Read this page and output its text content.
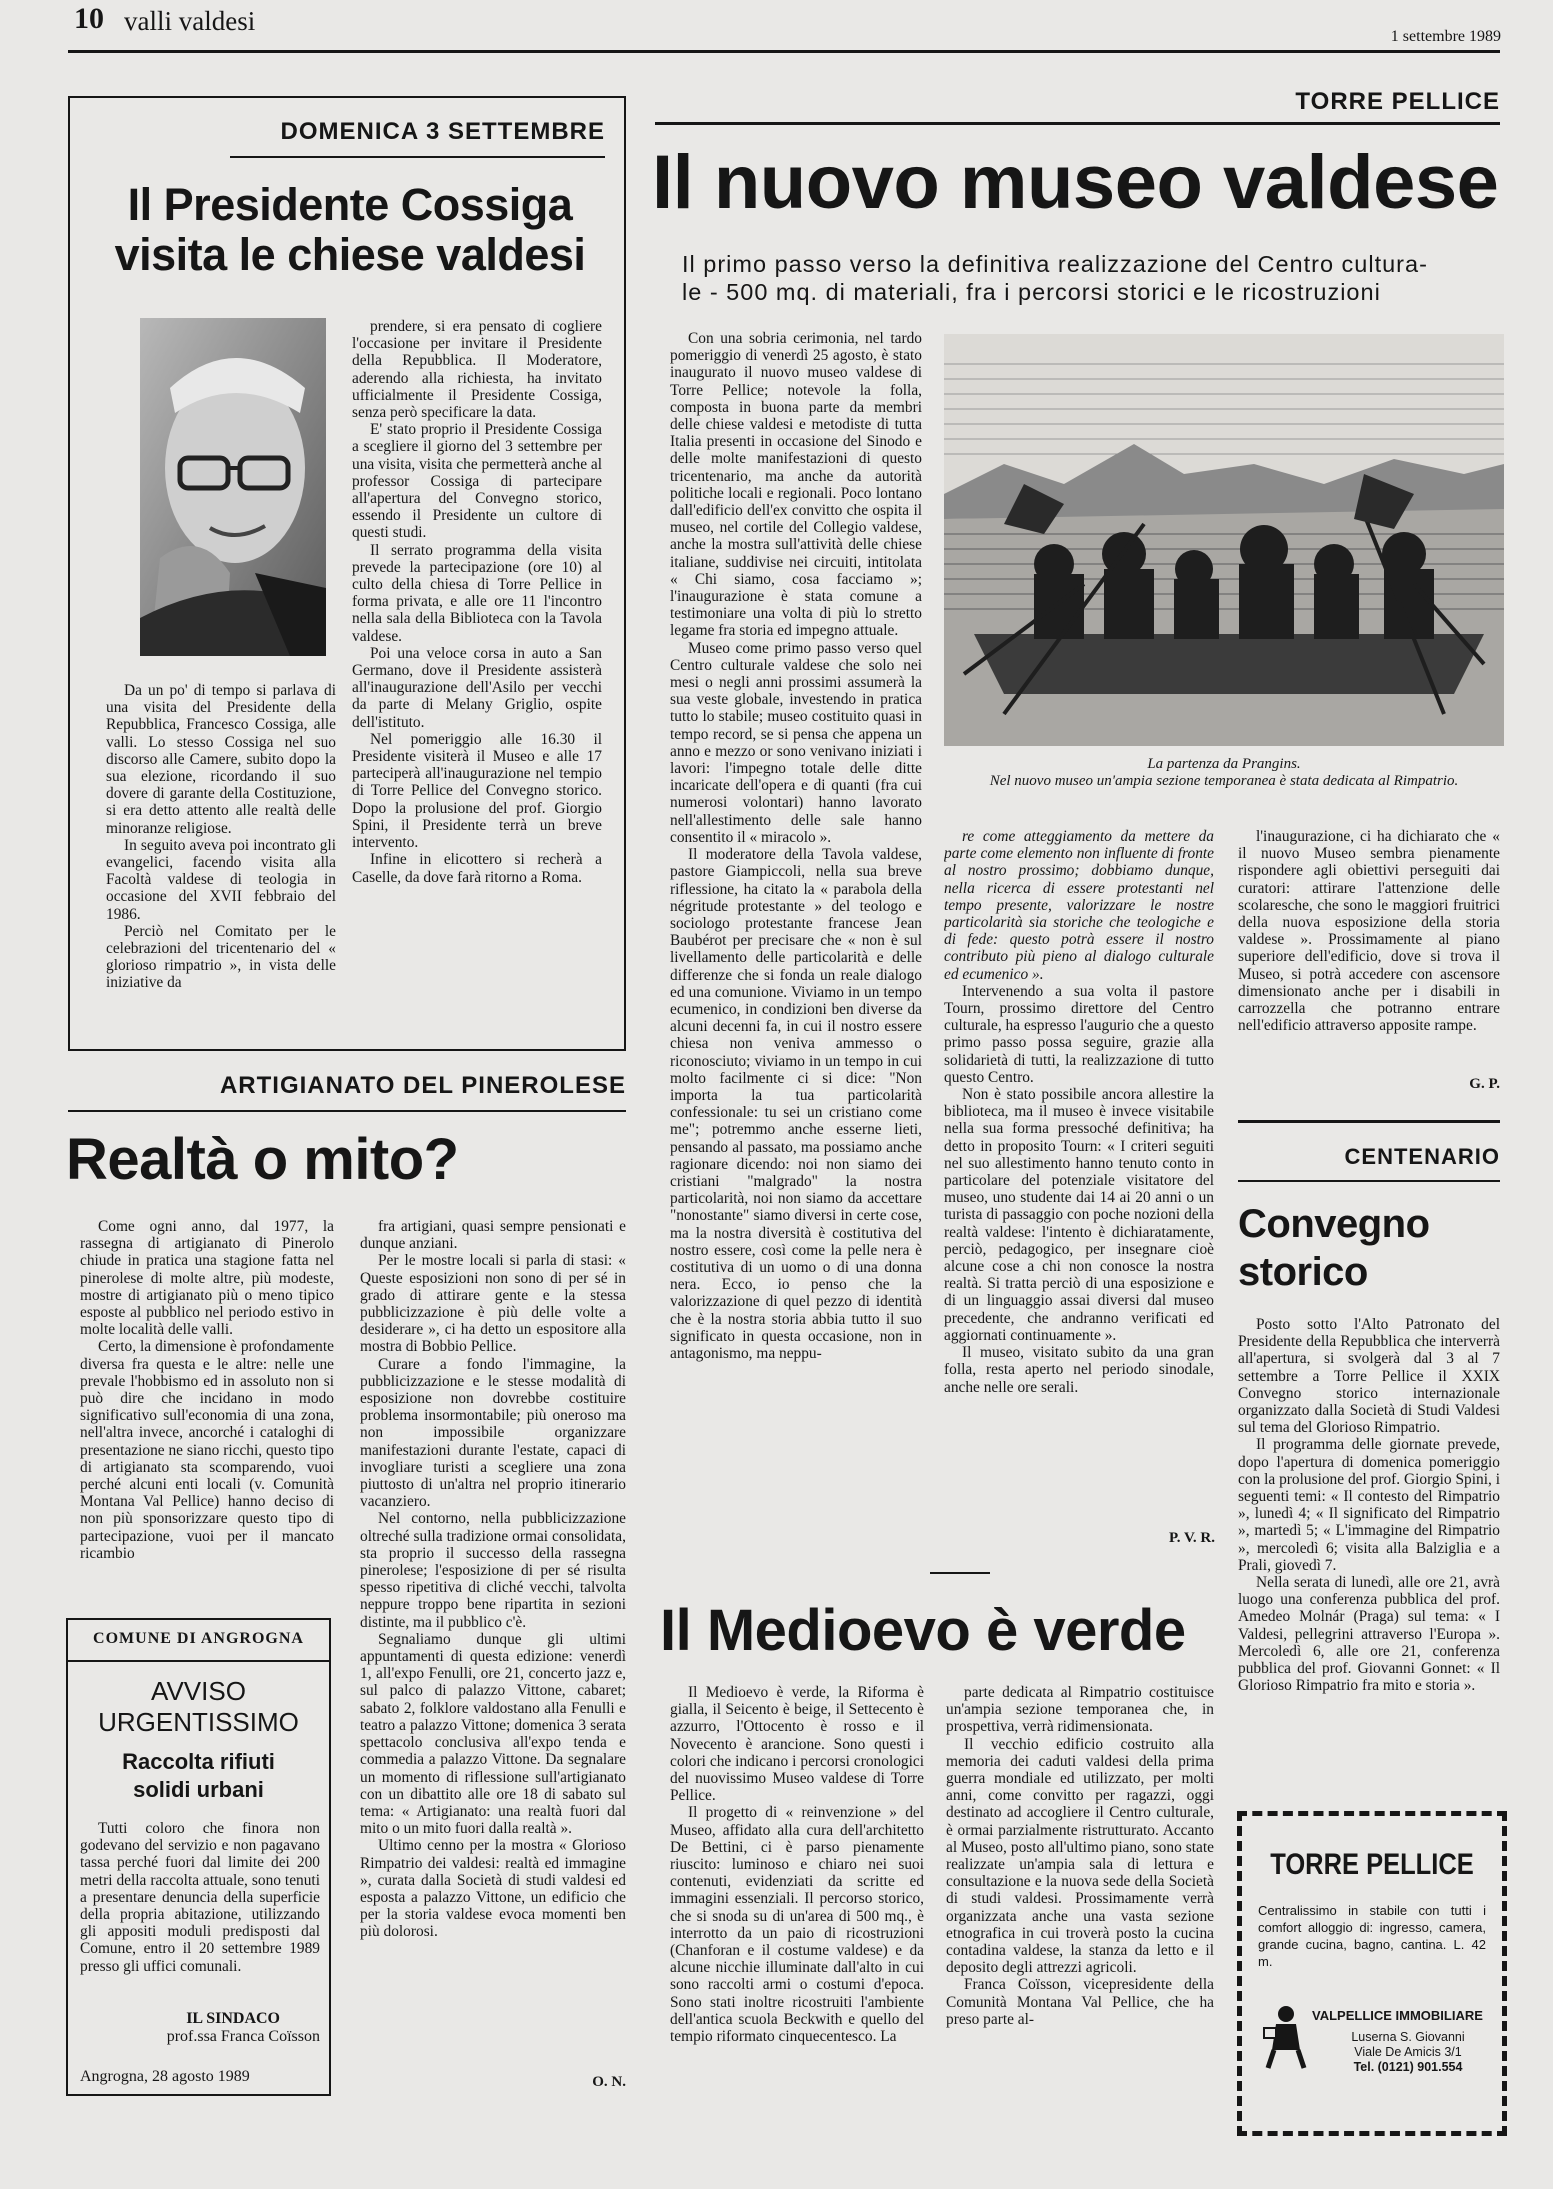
10 valli valdesi
1 settembre 1989
DOMENICA 3 SETTEMBRE
Il Presidente Cossiga
visita le chiese valdesi

Da un po' di tempo si parlava di una visita del Presidente della Repubblica, Francesco Cossiga, alle valli. Lo stesso Cossiga nel suo discorso alle Camere, subito dopo la sua elezione, ricordando il suo dovere di garante della Costituzione, si era detto attento alle realtà delle minoranze religiose.

In seguito aveva poi incontrato gli evangelici, facendo visita alla Facoltà valdese di teologia in occasione del XVII febbraio del 1986.

Perciò nel Comitato per le celebrazioni del tricentenario del « glorioso rimpatrio », in vista delle iniziative da

prendere, si era pensato di cogliere l'occasione per invitare il Presidente della Repubblica. Il Moderatore, aderendo alla richiesta, ha invitato ufficialmente il Presidente Cossiga, senza però specificare la data.

E' stato proprio il Presidente Cossiga a scegliere il giorno del 3 settembre per una visita, visita che permetterà anche al professor Cossiga di partecipare all'apertura del Convegno storico, essendo il Presidente un cultore di questi studi.

Il serrato programma della visita prevede la partecipazione (ore 10) al culto della chiesa di Torre Pellice in forma privata, e alle ore 11 l'incontro nella sala della Biblioteca con la Tavola valdese.

Poi una veloce corsa in auto a San Germano, dove il Presidente assisterà all'inaugurazione dell'Asilo per vecchi da parte di Melany Griglio, ospite dell'istituto.

Nel pomeriggio alle 16.30 il Presidente visiterà il Museo e alle 17 parteciperà all'inaugurazione nel tempio di Torre Pellice del Convegno storico. Dopo la prolusione del prof. Giorgio Spini, il Presidente terrà un breve intervento.

Infine in elicottero si recherà a Caselle, da dove farà ritorno a Roma.

TORRE PELLICE
Il nuovo museo valdese
Il primo passo verso la definitiva realizzazione del Centro cultura-
le - 500 mq. di materiali, fra i percorsi storici e le ricostruzioni
La partenza da Prangins.
Nel nuovo museo un'ampia sezione temporanea è stata dedicata al Rimpatrio.

Con una sobria cerimonia, nel tardo pomeriggio di venerdì 25 agosto, è stato inaugurato il nuovo museo valdese di Torre Pellice; notevole la folla, composta in buona parte da membri delle chiese valdesi e metodiste di tutta Italia presenti in occasione del Sinodo e delle molte manifestazioni di questo tricentenario, ma anche da autorità politiche locali e regionali. Poco lontano dall'edificio dell'ex convitto che ospita il museo, nel cortile del Collegio valdese, anche la mostra sull'attività delle chiese italiane, suddivise nei circuiti, intitolata « Chi siamo, cosa facciamo »; l'inaugurazione è stata comune a testimoniare una volta di più lo stretto legame fra storia ed impegno attuale.

Museo come primo passo verso quel Centro culturale valdese che solo nei mesi o negli anni prossimi assumerà la sua veste globale, investendo in pratica tutto lo stabile; museo costituito quasi in tempo record, se si pensa che appena un anno e mezzo or sono venivano iniziati i lavori: l'impegno totale delle ditte incaricate dell'opera e di quanti (fra cui numerosi volontari) hanno lavorato nell'allestimento delle sale hanno consentito il « miracolo ».

Il moderatore della Tavola valdese, pastore Giampiccoli, nella sua breve riflessione, ha citato la « parabola della négritude protestante » del teologo e sociologo protestante francese Jean Baubérot per precisare che « non è sul livellamento delle particolarità e delle differenze che si fonda un reale dialogo ed una comunione. Viviamo in un tempo ecumenico, in condizioni ben diverse da alcuni decenni fa, in cui il nostro essere chiesa non veniva ammesso o riconosciuto; viviamo in un tempo in cui molto facilmente ci si dice: "Non importa la tua particolarità confessionale: tu sei un cristiano come me"; potremmo anche esserne lieti, pensando al passato, ma possiamo anche ragionare dicendo: noi non siamo dei cristiani "malgrado" la nostra particolarità, noi non siamo da accettare "nonostante" siamo diversi in certe cose, ma la nostra diversità è costitutiva del nostro essere, così come la pelle nera è costitutiva di un uomo o di una donna nera. Ecco, io penso che la valorizzazione di quel pezzo di identità che è la nostra storia abbia tutto il suo significato in questa occasione, non in antagonismo, ma neppu-

re come atteggiamento da mettere da parte come elemento non influente di fronte al nostro prossimo; dobbiamo dunque, nella ricerca di essere protestanti nel tempo presente, valorizzare le nostre particolarità sia storiche che teologiche e di fede: questo potrà essere il nostro contributo più pieno al dialogo culturale ed ecumenico ».

Intervenendo a sua volta il pastore Tourn, prossimo direttore del Centro culturale, ha espresso l'augurio che a questo primo passo possa seguire, grazie alla solidarietà di tutti, la realizzazione di tutto questo Centro.

Non è stato possibile ancora allestire la biblioteca, ma il museo è invece visitabile nella sua forma pressoché definitiva; ha detto in proposito Tourn: « I criteri seguiti nel suo allestimento hanno tenuto conto in particolare del potenziale visitatore del museo, uno studente dai 14 ai 20 anni o un turista di passaggio con poche nozioni della realtà valdese: l'intento è dichiaratamente, perciò, pedagogico, per insegnare cioè alcune cose a chi non conosce la nostra realtà. Si tratta perciò di una esposizione e di un linguaggio assai diversi dal museo precedente, che andranno verificati ed aggiornati continuamente ».

Il museo, visitato subito da una gran folla, resta aperto nel periodo sinodale, anche nelle ore serali.

P. V. R.

l'inaugurazione, ci ha dichiarato che « il nuovo Museo sembra pienamente rispondere agli obiettivi perseguiti dai curatori: attirare l'attenzione delle scolaresche, che sono le maggiori fruitrici della nuova esposizione della storia valdese ». Prossimamente al piano superiore dell'edificio, dove si trova il Museo, si potrà accedere con ascensore dimensionato anche per i disabili in carrozzella che potranno entrare nell'edificio attraverso apposite rampe.

G. P.
ARTIGIANATO DEL PINEROLESE
Realtà o mito?

Come ogni anno, dal 1977, la rassegna di artigianato di Pinerolo chiude in pratica una stagione fatta nel pinerolese di molte altre, più modeste, mostre di artigianato più o meno tipico esposte al pubblico nel periodo estivo in molte località delle valli.

Certo, la dimensione è profondamente diversa fra questa e le altre: nelle une prevale l'hobbismo ed in assoluto non si può dire che incidano in modo significativo sull'economia di una zona, nell'altra invece, ancorché i cataloghi di presentazione ne siano ricchi, questo tipo di artigianato sta scomparendo, vuoi perché alcuni enti locali (v. Comunità Montana Val Pellice) hanno deciso di non più sponsorizzare questo tipo di partecipazione, vuoi per il mancato ricambio

fra artigiani, quasi sempre pensionati e dunque anziani.

Per le mostre locali si parla di stasi: « Queste esposizioni non sono di per sé in grado di attirare gente e la stessa pubblicizzazione è più delle volte a desiderare », ci ha detto un espositore alla mostra di Bobbio Pellice.

Curare a fondo l'immagine, la pubblicizzazione e le stesse modalità di esposizione non dovrebbe costituire problema insormontabile; più oneroso ma non impossibile organizzare manifestazioni durante l'estate, capaci di invogliare turisti a scegliere una zona piuttosto di un'altra nel proprio itinerario vacanziero.

Nel contorno, nella pubblicizzazione oltreché sulla tradizione ormai consolidata, sta proprio il successo della rassegna pinerolese; l'esposizione di per sé risulta spesso ripetitiva di cliché vecchi, talvolta neppure troppo bene ripartita in sezioni distinte, ma il pubblico c'è.

Segnaliamo dunque gli ultimi appuntamenti di questa edizione: venerdì 1, all'expo Fenulli, ore 21, concerto jazz e, sul palco di palazzo Vittone, cabaret; sabato 2, folklore valdostano alla Fenulli e teatro a palazzo Vittone; domenica 3 serata spettacolo conclusiva all'expo tenda e commedia a palazzo Vittone. Da segnalare un momento di riflessione sull'artigianato con un dibattito alle ore 18 di sabato sul tema: « Artigianato: una realtà fuori dal mito o un mito fuori dalla realtà ».

Ultimo cenno per la mostra « Glorioso Rimpatrio dei valdesi: realtà ed immagine », curata dalla Società di studi valdesi ed esposta a palazzo Vittone, un edificio che per la storia valdese evoca momenti ben più dolorosi.

O. N.
COMUNE DI ANGROGNA
AVVISO
URGENTISSIMO
Raccolta rifiuti
solidi urbani

Tutti coloro che finora non godevano del servizio e non pagavano tassa perché fuori dal limite dei 200 metri della raccolta attuale, sono tenuti a presentare denuncia della superficie della propria abitazione, utilizzando gli appositi moduli predisposti dal Comune, entro il 20 settembre 1989 presso gli uffici comunali.

IL SINDACO
prof.ssa Franca Coïsson
Angrogna, 28 agosto 1989
Il Medioevo è verde

Il Medioevo è verde, la Riforma è gialla, il Seicento è beige, il Settecento è azzurro, l'Ottocento è rosso e il Novecento è arancione. Sono questi i colori che indicano i percorsi cronologici del nuovissimo Museo valdese di Torre Pellice.

Il progetto di « reinvenzione » del Museo, affidato alla cura dell'architetto De Bettini, ci è parso pienamente riuscito: luminoso e chiaro nei suoi contenuti, evidenziati da scritte ed immagini essenziali. Il percorso storico, che si snoda su di un'area di 500 mq., è interrotto da un paio di ricostruzioni (Chanforan e il costume valdese) e da alcune nicchie illuminate dall'alto in cui sono raccolti armi o costumi d'epoca. Sono stati inoltre ricostruiti l'ambiente dell'antica scuola Beckwith e quello del tempio riformato cinquecentesco. La

parte dedicata al Rimpatrio costituisce un'ampia sezione temporanea che, in prospettiva, verrà ridimensionata.

Il vecchio edificio costruito alla memoria dei caduti valdesi della prima guerra mondiale ed utilizzato, per molti anni, come convitto per ragazzi, oggi destinato ad accogliere il Centro culturale, è ormai parzialmente ristrutturato. Accanto al Museo, posto all'ultimo piano, sono state realizzate un'ampia sala di lettura e consultazione e la nuova sede della Società di studi valdesi. Prossimamente verrà organizzata anche una vasta sezione etnografica in cui troverà posto la cucina contadina valdese, la stanza da letto e il deposito degli attrezzi agricoli.

Franca Coïsson, vicepresidente della Comunità Montana Val Pellice, che ha preso parte al-

CENTENARIO
Convegno
storico

Posto sotto l'Alto Patronato del Presidente della Repubblica che interverrà all'apertura, si svolgerà dal 3 al 7 settembre a Torre Pellice il XXIX Convegno storico internazionale organizzato dalla Società di Studi Valdesi sul tema del Glorioso Rimpatrio.

Il programma delle giornate prevede, dopo l'apertura di domenica pomeriggio con la prolusione del prof. Giorgio Spini, i seguenti temi: « Il contesto del Rimpatrio », lunedì 4; « Il significato del Rimpatrio », martedì 5; « L'immagine del Rimpatrio », mercoledì 6; visita alla Balziglia e a Prali, giovedì 7.

Nella serata di lunedì, alle ore 21, avrà luogo una conferenza pubblica del prof. Amedeo Molnár (Praga) sul tema: « I Valdesi, pellegrini attraverso l'Europa ». Mercoledì 6, alle ore 21, conferenza pubblica del prof. Giovanni Gonnet: « Il Glorioso Rimpatrio fra mito e storia ».

TORRE PELLICE
Centralissimo in stabile con tutti i comfort alloggio di: ingresso, camera, grande cucina, bagno, cantina. L. 42 m.
VALPELLICE IMMOBILIARE
Luserna S. Giovanni
Viale De Amicis 3/1
Tel. (0121) 901.554
